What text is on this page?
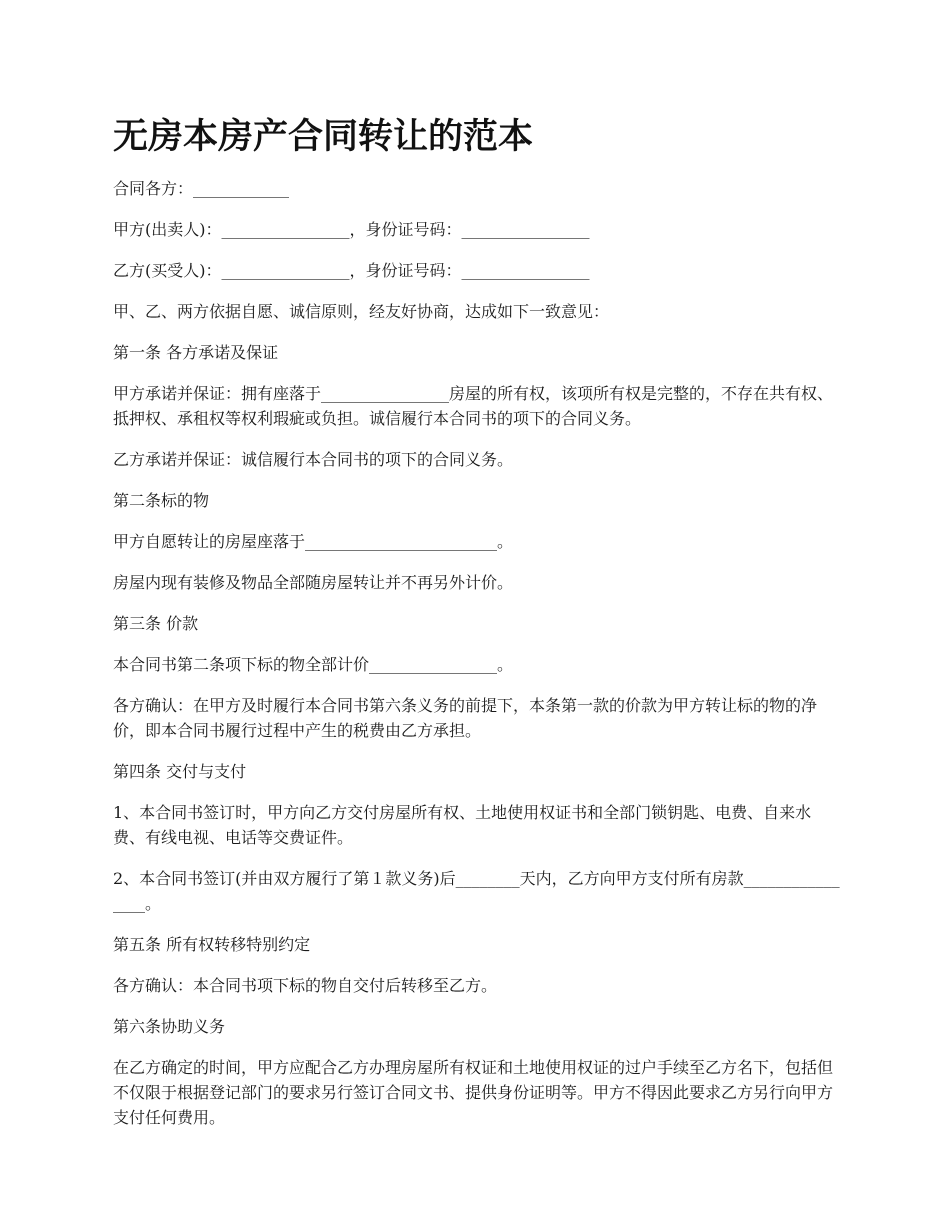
无房本房产合同转让的范本

合同各方：____________

甲方(出卖人)：________________，身份证号码：________________

乙方(买受人)：________________，身份证号码：________________

甲、乙、两方依据自愿、诚信原则，经友好协商，达成如下一致意见：

第一条 各方承诺及保证

甲方承诺并保证：拥有座落于________________房屋的所有权，该项所有权是完整的，不存在共有权、抵押权、承租权等权利瑕疵或负担。诚信履行本合同书的项下的合同义务。

乙方承诺并保证：诚信履行本合同书的项下的合同义务。

第二条标的物

甲方自愿转让的房屋座落于________________________。

房屋内现有装修及物品全部随房屋转让并不再另外计价。

第三条 价款

本合同书第二条项下标的物全部计价________________。

各方确认：在甲方及时履行本合同书第六条义务的前提下，本条第一款的价款为甲方转让标的物的净价，即本合同书履行过程中产生的税费由乙方承担。

第四条 交付与支付

1、本合同书签订时，甲方向乙方交付房屋所有权、土地使用权证书和全部门锁钥匙、电费、自来水费、有线电视、电话等交费证件。

2、本合同书签订(并由双方履行了第１款义务)后________天内，乙方向甲方支付所有房款________________。

第五条 所有权转移特别约定

各方确认：本合同书项下标的物自交付后转移至乙方。

第六条协助义务

在乙方确定的时间，甲方应配合乙方办理房屋所有权证和土地使用权证的过户手续至乙方名下，包括但不仅限于根据登记部门的要求另行签订合同文书、提供身份证明等。甲方不得因此要求乙方另行向甲方支付任何费用。
